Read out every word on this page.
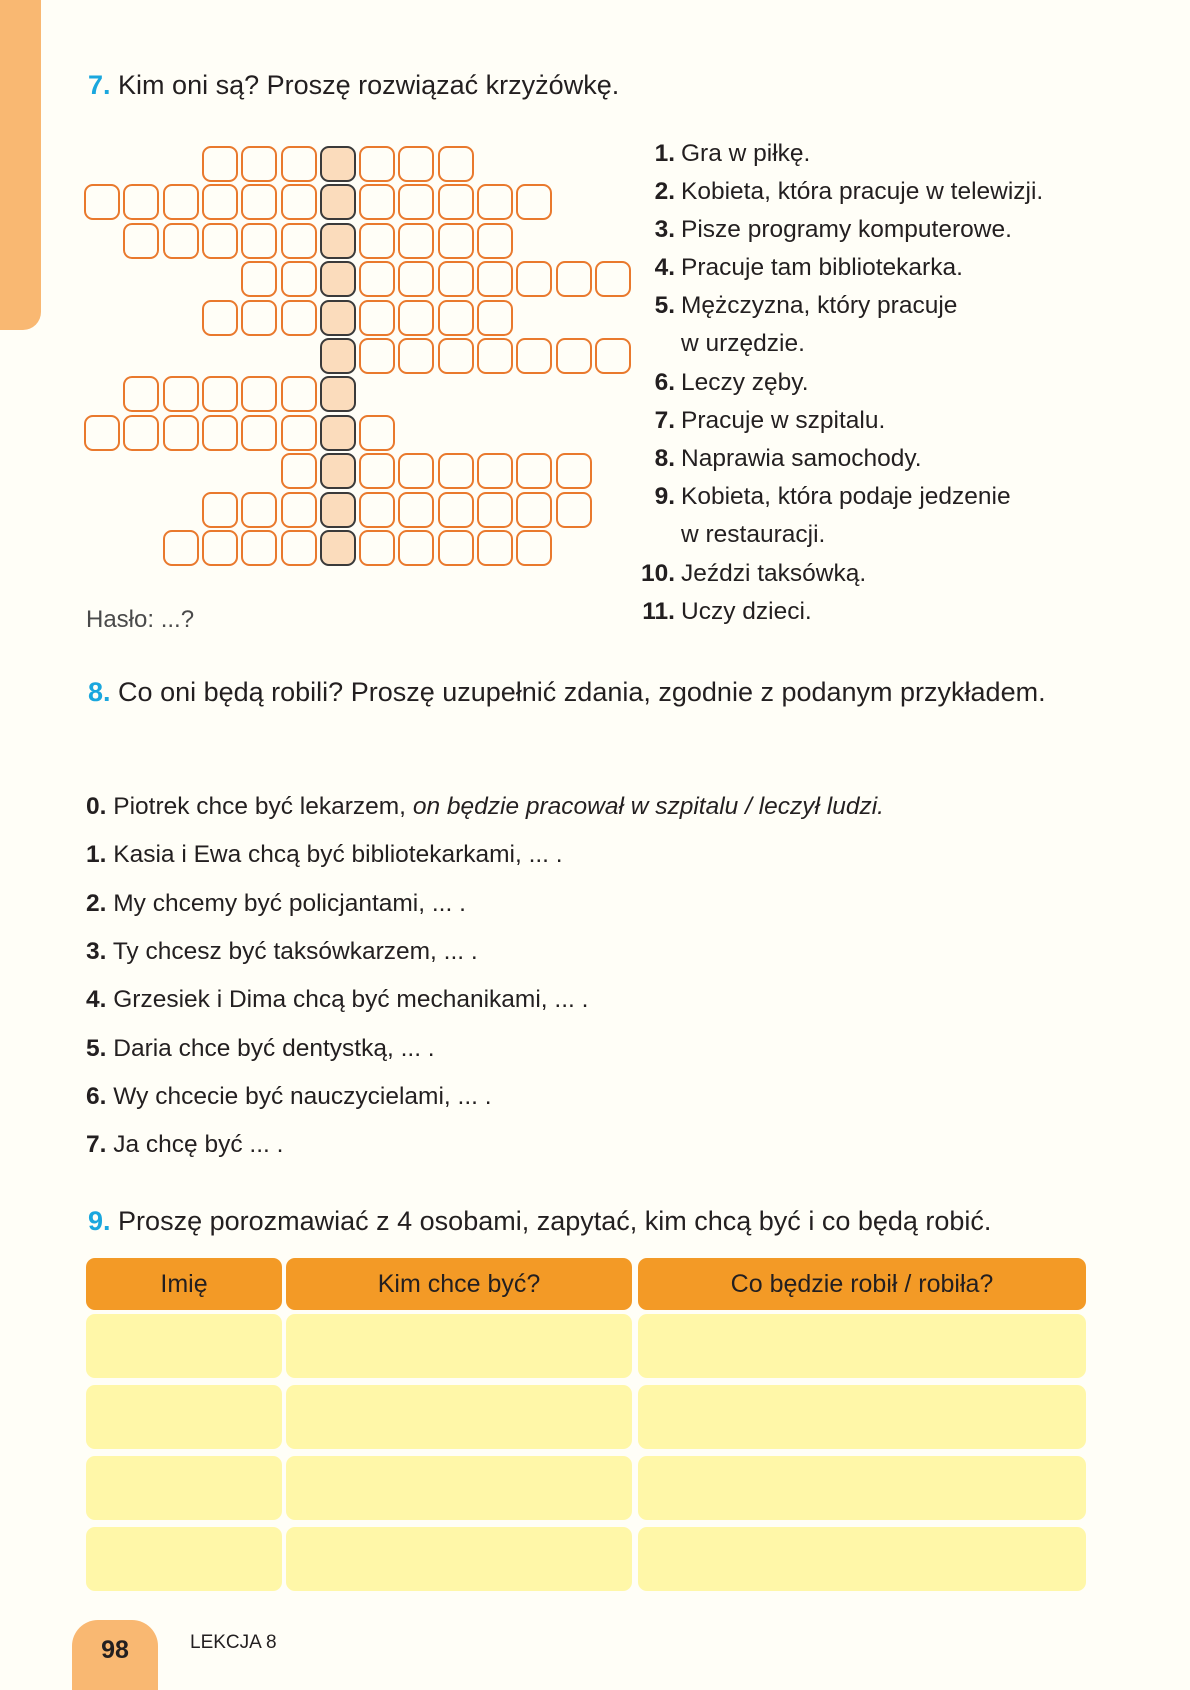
7. Kim oni są? Proszę rozwiązać krzyżówkę.
Hasło: ...?
1. Gra w piłkę.
2. Kobieta, która pracuje w telewizji.
3. Pisze programy komputerowe.
4. Pracuje tam bibliotekarka.
5. Mężczyzna, który pracuje
w urzędzie.
6. Leczy zęby.
7. Pracuje w szpitalu.
8. Naprawia samochody.
9. Kobieta, która podaje jedzenie
w restauracji.
10. Jeździ taksówką.
11. Uczy dzieci.
8. Co oni będą robili? Proszę uzupełnić zdania, zgodnie z podanym przykładem.
0. Piotrek chce być lekarzem, on będzie pracował w szpitalu / leczył ludzi.
1. Kasia i Ewa chcą być bibliotekarkami, ... .
2. My chcemy być policjantami, ... .
3. Ty chcesz być taksówkarzem, ... .
4. Grzesiek i Dima chcą być mechanikami, ... .
5. Daria chce być dentystką, ... .
6. Wy chcecie być nauczycielami, ... .
7. Ja chcę być ... .
9. Proszę porozmawiać z 4 osobami, zapytać, kim chcą być i co będą robić.
Imię	Kim chce być?	Co będzie robił / robiła?
98	LEKCJA 8
